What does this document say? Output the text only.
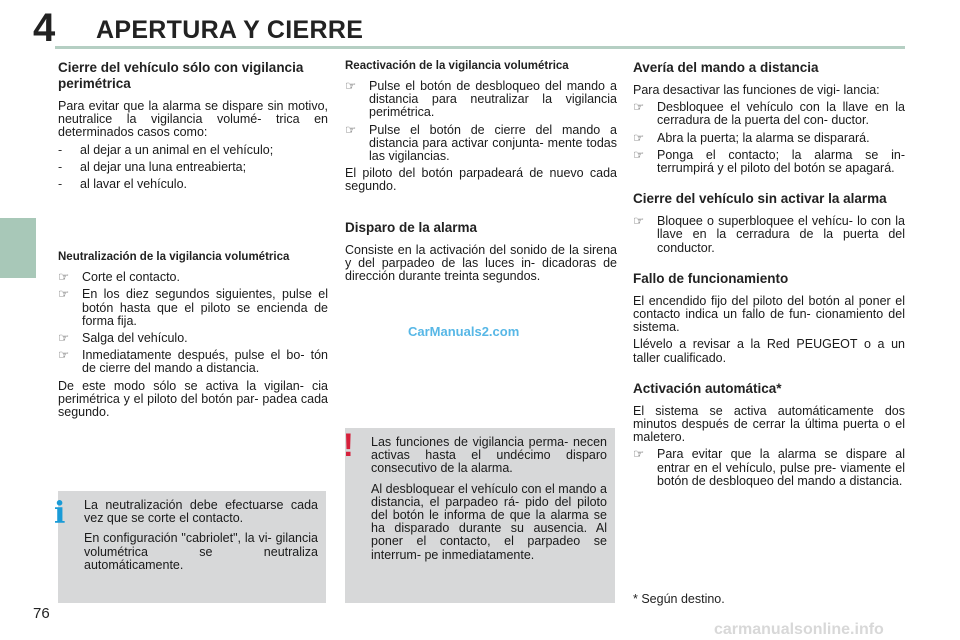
4 APERTURA Y CIERRE
Cierre del vehículo sólo con vigilancia perimétrica

Para evitar que la alarma se dispare sin motivo, neutralice la vigilancia volumé- trica en determinados casos como:

-	al dejar a un animal en el vehículo;
-	al dejar una luna entreabierta;
-	al lavar el vehículo.
Neutralización de la vigilancia volumétrica
☞	Corte el contacto.
☞	En los diez segundos siguientes, pulse el botón hasta que el piloto se encienda de forma fija.
☞	Salga del vehículo.
☞	Inmediatamente después, pulse el bo- tón de cierre del mando a distancia.

De este modo sólo se activa la vigilan- cia perimétrica y el piloto del botón par- padea cada segundo.

La neutralización debe efectuarse cada vez que se corte el contacto.

En configuración "cabriolet", la vi- gilancia volumétrica se neutraliza automáticamente.

i
Reactivación de la vigilancia volumétrica
☞	Pulse el botón de desbloqueo del mando a distancia para neutralizar la vigilancia perimétrica.
☞	Pulse el botón de cierre del mando a distancia para activar conjunta- mente todas las vigilancias.

El piloto del botón parpadeará de nuevo cada segundo.

Disparo de la alarma

Consiste en la activación del sonido de la sirena y del parpadeo de las luces in- dicadoras de dirección durante treinta segundos.

Las funciones de vigilancia perma- necen activas hasta el undécimo disparo consecutivo de la alarma.

Al desbloquear el vehículo con el mando a distancia, el parpadeo rá- pido del piloto del botón le informa de que la alarma se ha disparado durante su ausencia. Al poner el contacto, el parpadeo se interrum- pe inmediatamente.

!
Avería del mando a distancia

Para desactivar las funciones de vigi- lancia:

☞	Desbloquee el vehículo con la llave en la cerradura de la puerta del con- ductor.
☞	Abra la puerta; la alarma se disparará.
☞	Ponga el contacto; la alarma se in- terrumpirá y el piloto del botón se apagará.
Cierre del vehículo sin activar la alarma
☞	Bloquee o superbloquee el vehícu- lo con la llave en la cerradura de la puerta del conductor.
Fallo de funcionamiento

El encendido fijo del piloto del botón al poner el contacto indica un fallo de fun- cionamiento del sistema.

Llévelo a revisar a la Red PEUGEOT o a un taller cualificado.

Activación automática*

El sistema se activa automáticamente dos minutos después de cerrar la última puerta o el maletero.

☞	Para evitar que la alarma se dispare al entrar en el vehículo, pulse pre- viamente el botón de desbloqueo del mando a distancia.
* Según destino.
76
CarManuals2.com
carmanualsonline.info
